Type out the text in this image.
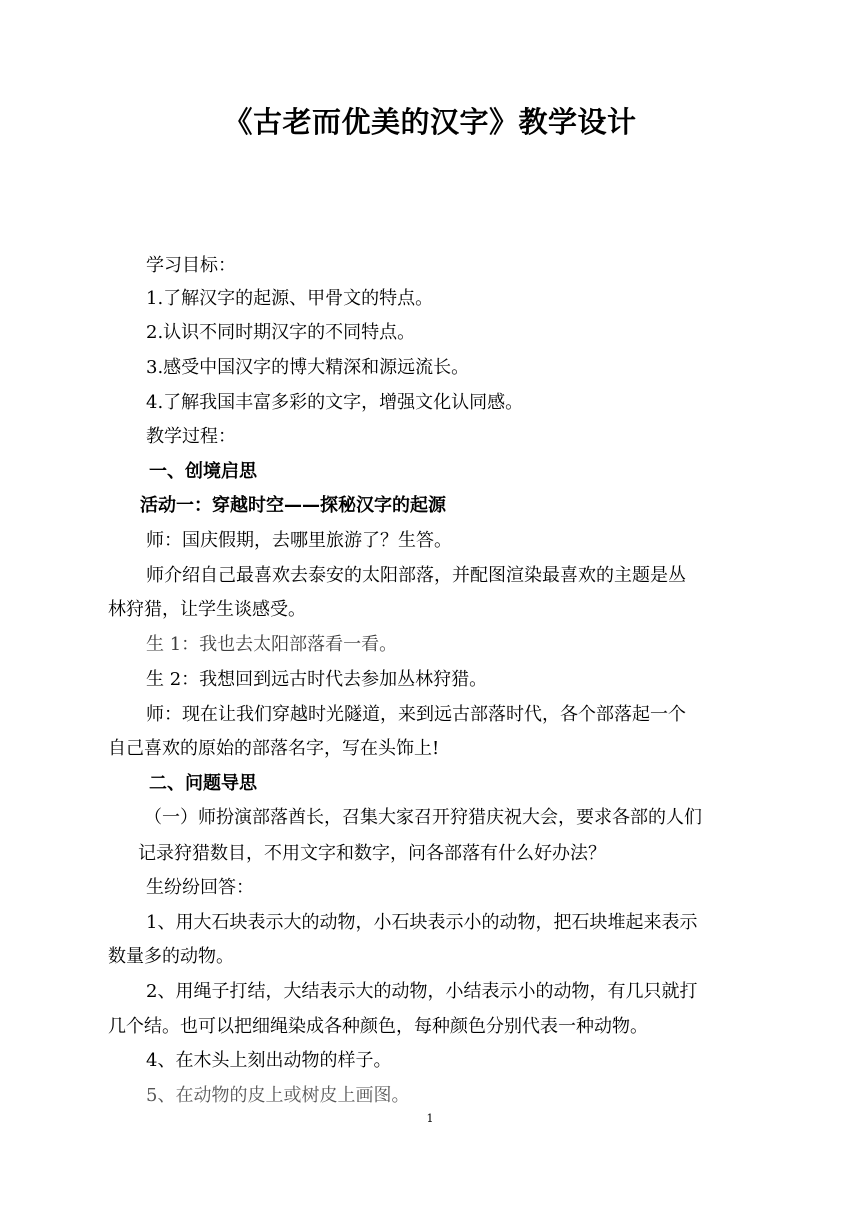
《古老而优美的汉字》教学设计
学习目标：
1.了解汉字的起源、甲骨文的特点。
2.认识不同时期汉字的不同特点。
3.感受中国汉字的博大精深和源远流长。
4.了解我国丰富多彩的文字，增强文化认同感。
教学过程：
一、创境启思
活动一：穿越时空——探秘汉字的起源
师：国庆假期，去哪里旅游了？生答。
师介绍自己最喜欢去泰安的太阳部落，并配图渲染最喜欢的主题是丛
林狩猎，让学生谈感受。
生 1：我也去太阳部落看一看。
生 2：我想回到远古时代去参加丛林狩猎。
师：现在让我们穿越时光隧道，来到远古部落时代，各个部落起一个
自己喜欢的原始的部落名字，写在头饰上!
二、问题导思
（一）师扮演部落酋长，召集大家召开狩猎庆祝大会，要求各部的人们
记录狩猎数目，不用文字和数字，问各部落有什么好办法？
生纷纷回答：
1、用大石块表示大的动物，小石块表示小的动物，把石块堆起来表示
数量多的动物。
2、用绳子打结，大结表示大的动物，小结表示小的动物，有几只就打
几个结。也可以把细绳染成各种颜色，每种颜色分别代表一种动物。
4、在木头上刻出动物的样子。
5、在动物的皮上或树皮上画图。
1
